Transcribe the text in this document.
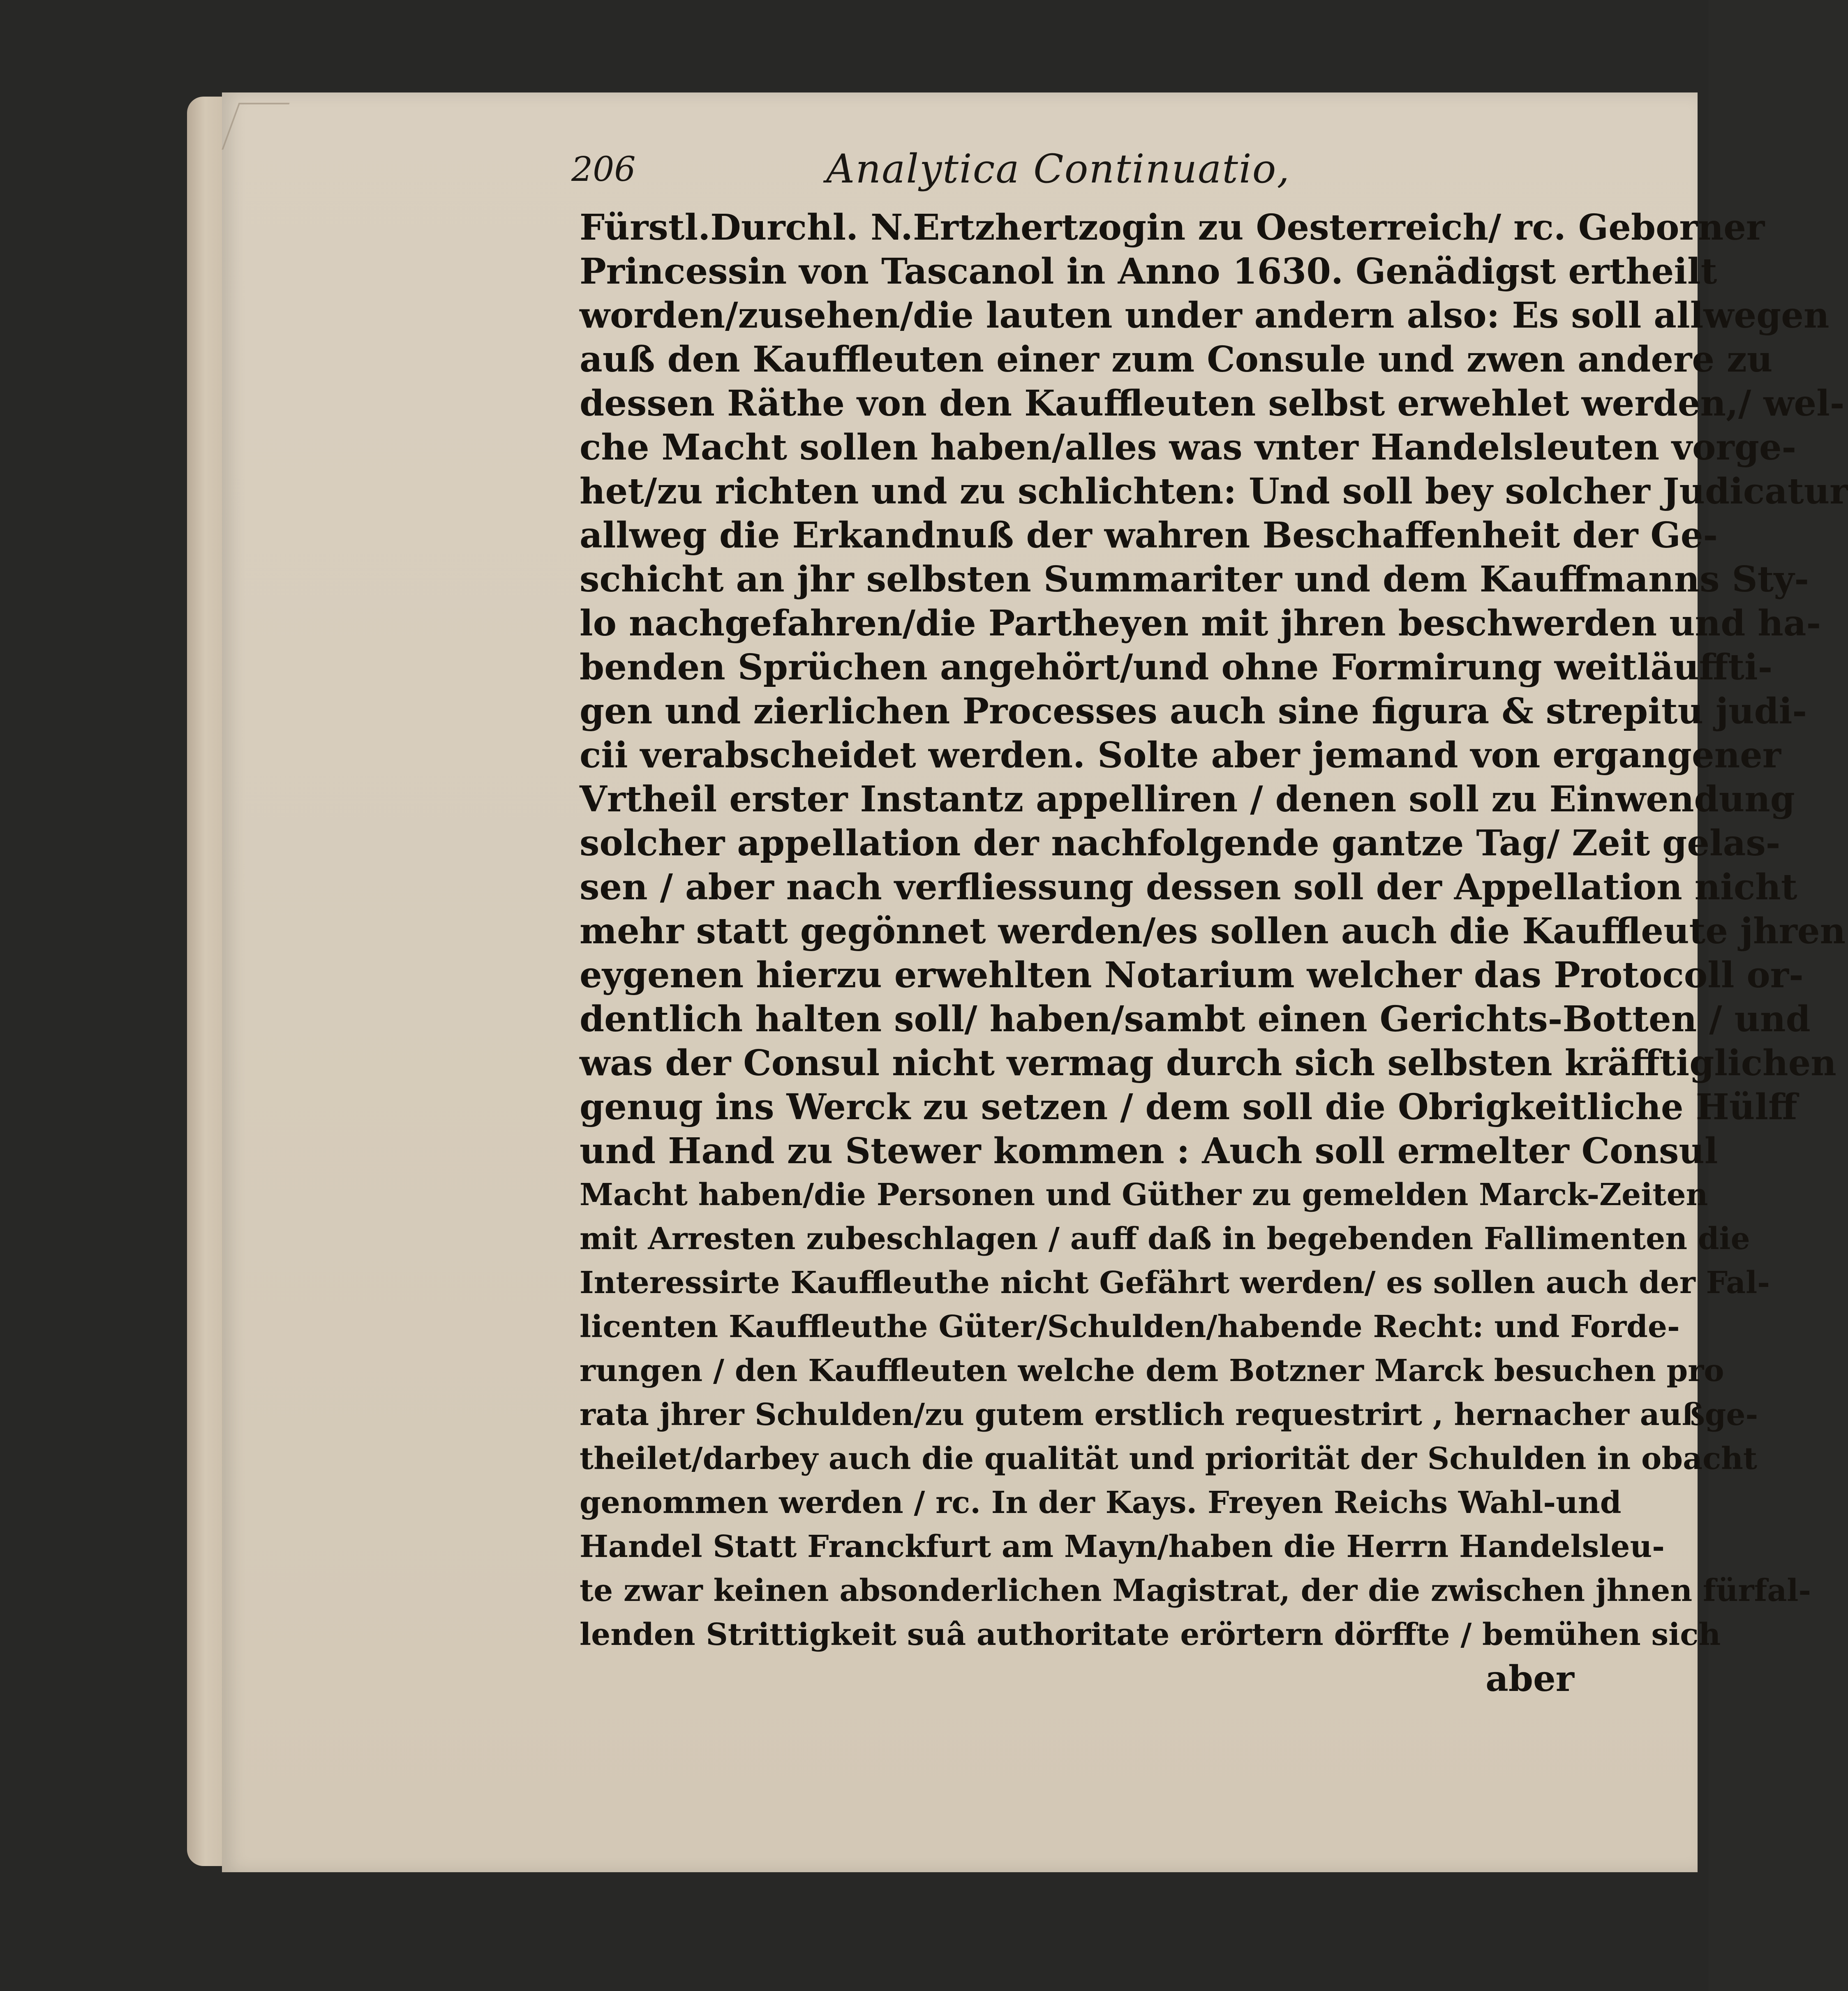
206	Analytica Continuatio,
Fürstl.Durchl. N.Ertzhertzogin zu Oesterreich/ rc. Geborner
Princessin von Tascanol in Anno 1630. Genädigst ertheilt
worden/zusehen/die lauten under andern also: Es soll allwegen
auß den Kauffleuten einer zum Consule und zwen andere zu
dessen Räthe von den Kauffleuten selbst erwehlet werden,/ wel-
che Macht sollen haben/alles was vnter Handelsleuten vorge-
het/zu richten und zu schlichten: Und soll bey solcher Judicatur
allweg die Erkandnuß der wahren Beschaffenheit der Ge-
schicht an jhr selbsten Summariter und dem Kauffmanns Sty-
lo nachgefahren/die Partheyen mit jhren beschwerden und ha-
benden Sprüchen angehört/und ohne Formirung weitläuffti-
gen und zierlichen Processes auch sine figura & strepitu judi-
cii verabscheidet werden. Solte aber jemand von ergangener
Vrtheil erster Instantz appelliren / denen soll zu Einwendung
solcher appellation der nachfolgende gantze Tag/ Zeit gelas-
sen / aber nach verfliessung dessen soll der Appellation nicht
mehr statt gegönnet werden/es sollen auch die Kauffleute jhren
eygenen hierzu erwehlten Notarium welcher das Protocoll or-
dentlich halten soll/ haben/sambt einen Gerichts-Botten / und
was der Consul nicht vermag durch sich selbsten kräfftiglichen
genug ins Werck zu setzen / dem soll die Obrigkeitliche Hülff
und Hand zu Stewer kommen : Auch soll ermelter Consul
Macht haben/die Personen und Güther zu gemelden Marck-Zeiten
mit Arresten zubeschlagen / auff daß in begebenden Fallimenten die
Interessirte Kauffleuthe nicht Gefährt werden/ es sollen auch der Fal-
licenten Kauffleuthe Güter/Schulden/habende Recht: und Forde-
rungen / den Kauffleuten welche dem Botzner Marck besuchen pro
rata jhrer Schulden/zu gutem erstlich requestrirt , hernacher außge-
theilet/darbey auch die qualität und priorität der Schulden in obacht
genommen werden / rc. In der Kays. Freyen Reichs Wahl-und
Handel Statt Franckfurt am Mayn/haben die Herrn Handelsleu-
te zwar keinen absonderlichen Magistrat, der die zwischen jhnen fürfal-
lenden Strittigkeit suâ authoritate erörtern dörffte / bemühen sich
aber
